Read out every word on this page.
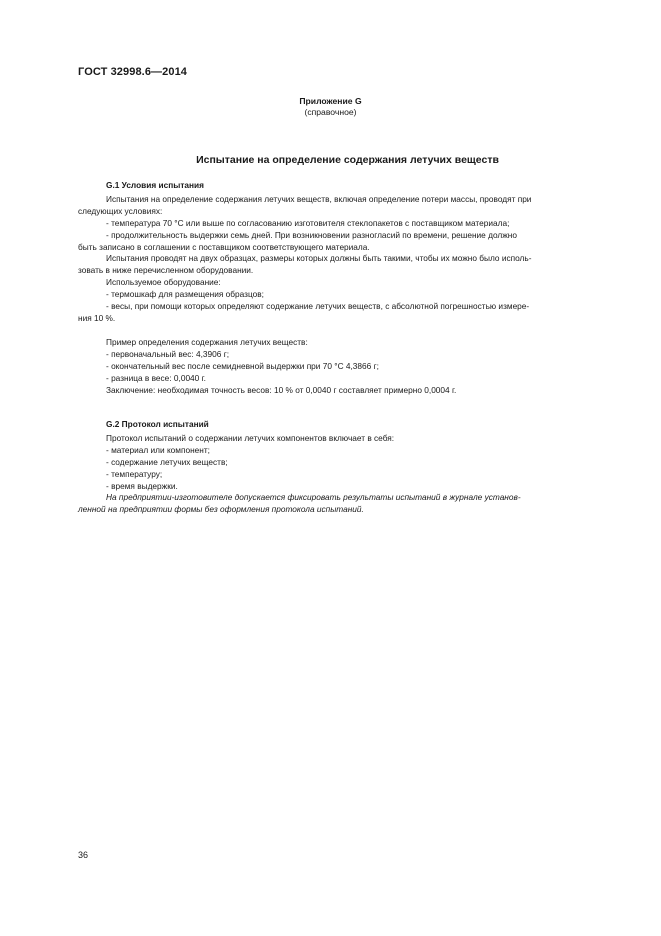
ГОСТ 32998.6—2014
Приложение G
(справочное)
Испытание на определение содержания летучих веществ

G.1 Условия испытания

Испытания на определение содержания летучих веществ, включая определение потери массы, проводят при

следующих условиях:

- температура 70 °С или выше по согласованию изготовителя стеклопакетов с поставщиком материала;

- продолжительность выдержки семь дней. При возникновении разногласий по времени, решение должно

быть записано в соглашении с поставщиком соответствующего материала.

Испытания проводят на двух образцах, размеры которых должны быть такими, чтобы их можно было исполь-

зовать в ниже перечисленном оборудовании.

Используемое оборудование:

- термошкаф для размещения образцов;

- весы, при помощи которых определяют содержание летучих веществ, с абсолютной погрешностью измере-

ния 10 %.

Пример определения содержания летучих веществ:

- первоначальный вес: 4,3906 г;

- окончательный вес после семидневной выдержки при 70 °С 4,3866 г;

- разница в весе: 0,0040 г.

Заключение: необходимая точность весов: 10 % от 0,0040 г составляет примерно 0,0004 г.

G.2 Протокол испытаний

Протокол испытаний о содержании летучих компонентов включает в себя:

- материал или компонент;

- содержание летучих веществ;

- температуру;

- время выдержки.

На предприятии-изготовителе допускается фиксировать результаты испытаний в журнале установ-

ленной на предприятии формы без оформления протокола испытаний.

36
